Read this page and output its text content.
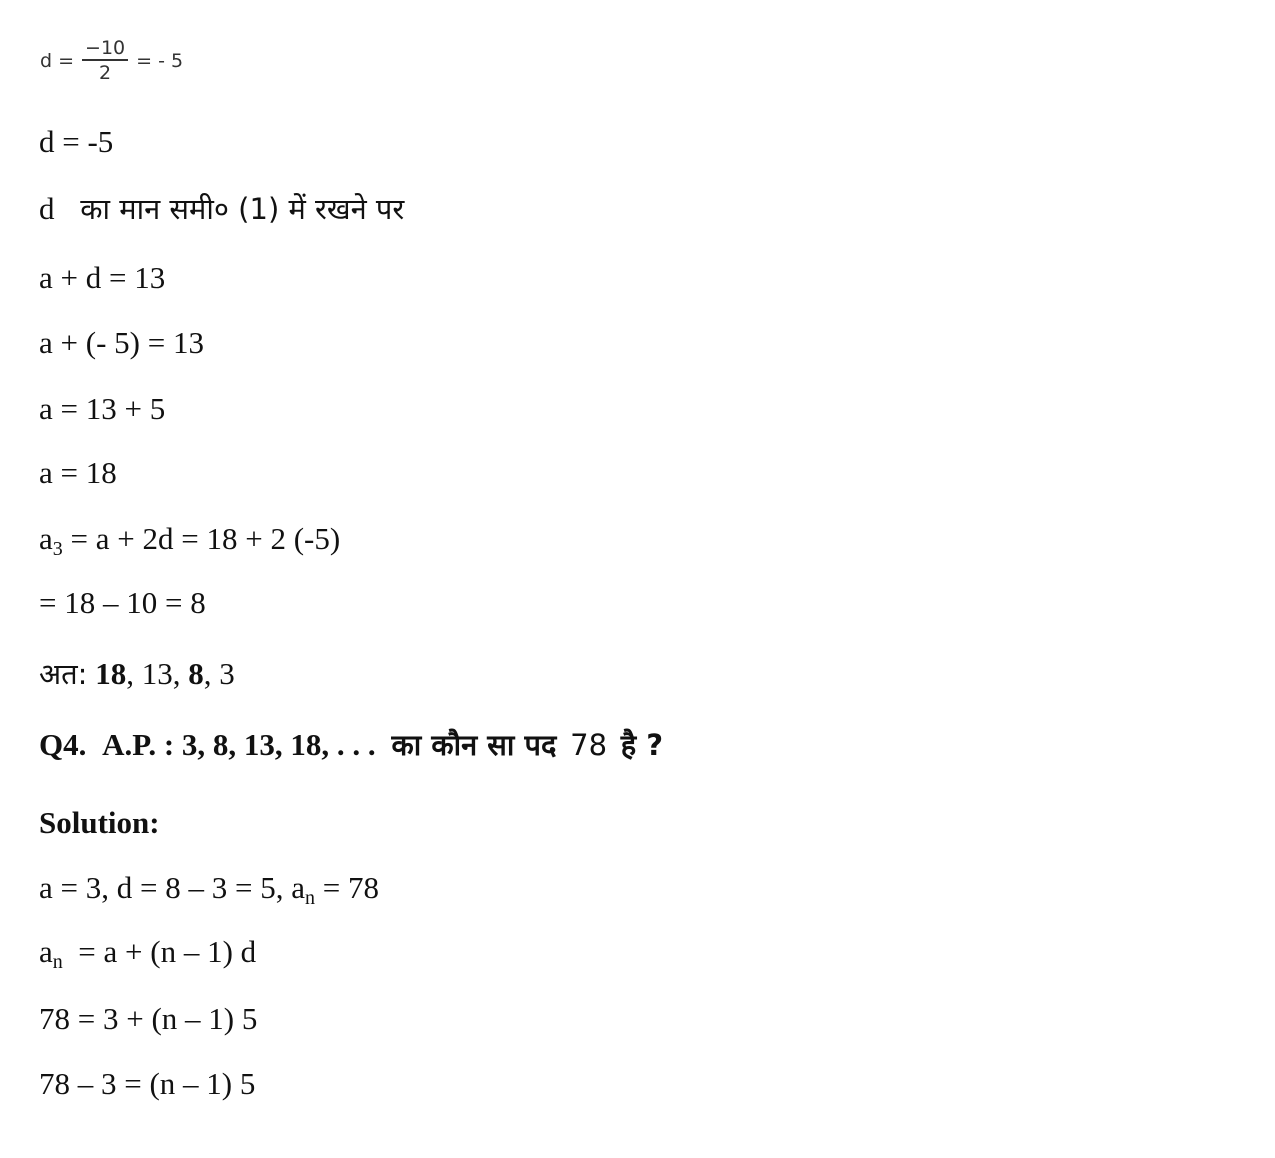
$d = \frac{-10}{2}$ = - 5
d = -5
d का मान समी० (1) में रखने पर
a + d = 13
a + (- 5) = 13
a = 13 + 5
a = 18
$a_3 = a + 2d = 18 + 2$ (-5)
= 18 – 10 = 8
अत: 18, 13, 8, 3
Q4. A.P. : 3, 8, 13, 18, . . . का कौन सा पद 78 है ?
Solution:
a = 3, d = 8 – 3 = 5, $a_n = 78$
$a_n = a + (n - 1)$ d
78 = 3 + (n – 1) 5
78 – 3 = (n – 1) 5
